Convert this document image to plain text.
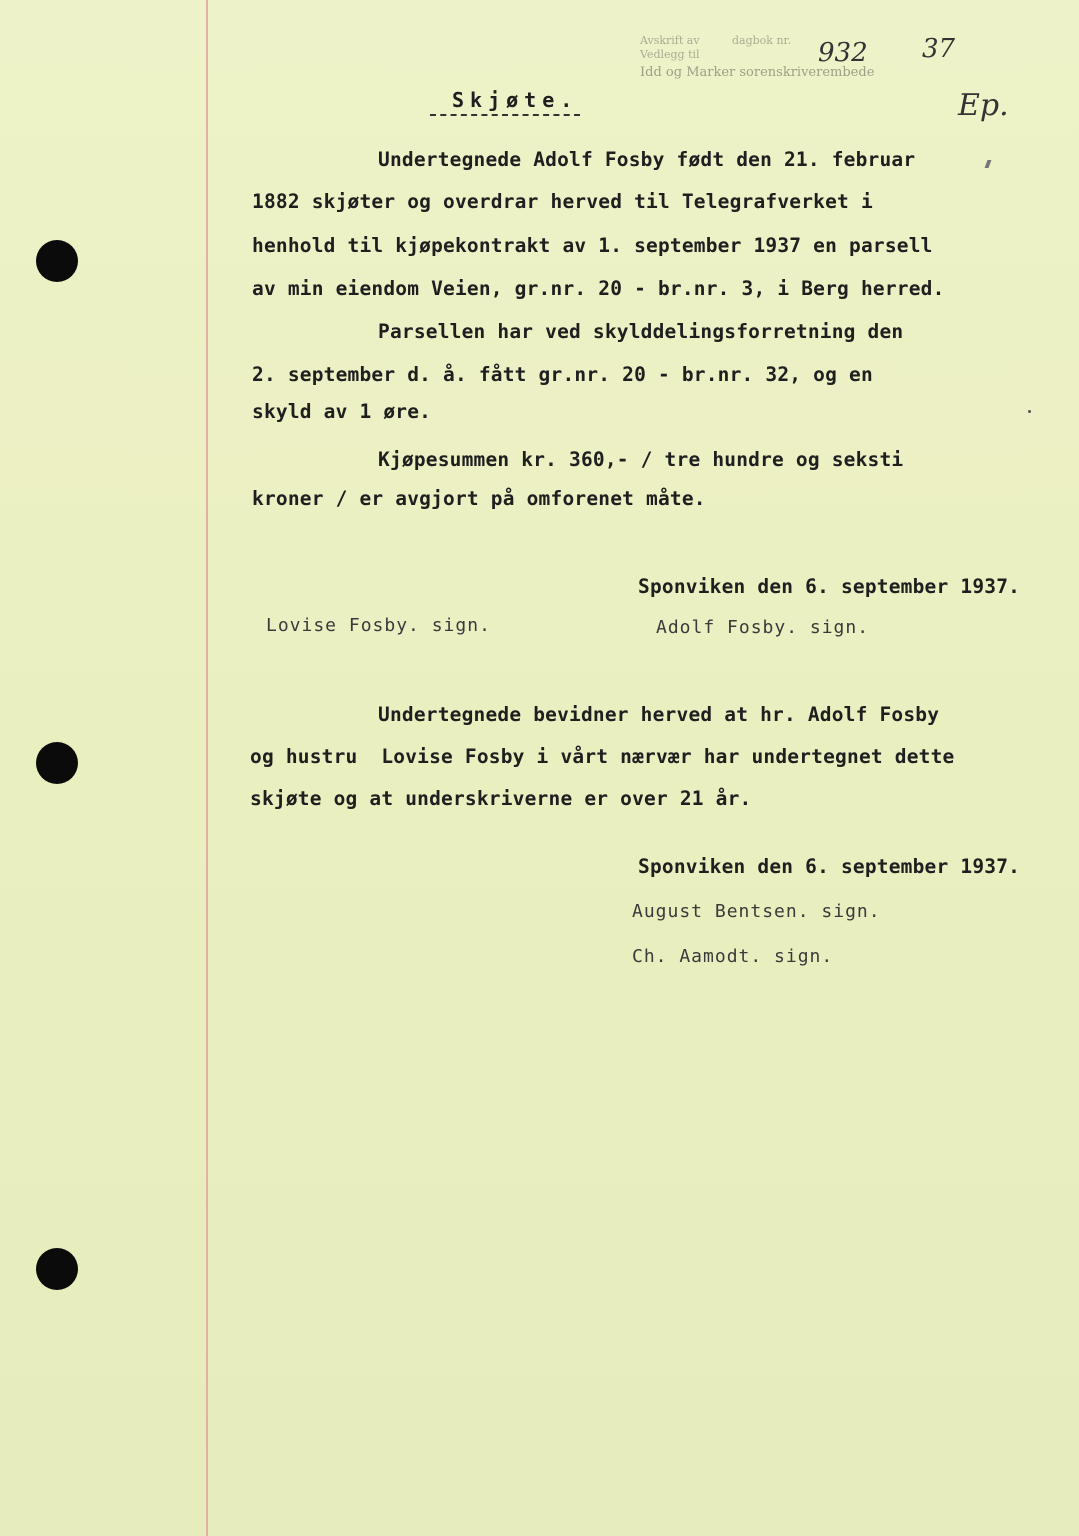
Avskrift av	dagbok nr.
Vedlegg til
Idd og Marker sorenskriverembede
932 37
Ep.
Skjøte.
Undertegnede Adolf Fosby født den 21. februar
1882 skjøter og overdrar herved til Telegrafverket i
henhold til kjøpekontrakt av 1. september 1937 en parsell
av min eiendom Veien, gr.nr. 20 - br.nr. 3, i Berg herred.
Parsellen har ved skylddelingsforretning den
2. september d. å. fått gr.nr. 20 - br.nr. 32, og en
skyld av 1 øre.
Kjøpesummen kr. 360,- / tre hundre og seksti
kroner / er avgjort på omforenet måte.
Sponviken den 6. september 1937.
Lovise Fosby. sign.	Adolf Fosby. sign.
Undertegnede bevidner herved at hr. Adolf Fosby
og hustru  Lovise Fosby i vårt nærvær har undertegnet dette
skjøte og at underskriverne er over 21 år.
Sponviken den 6. september 1937.
August Bentsen. sign.
Ch. Aamodt. sign.
